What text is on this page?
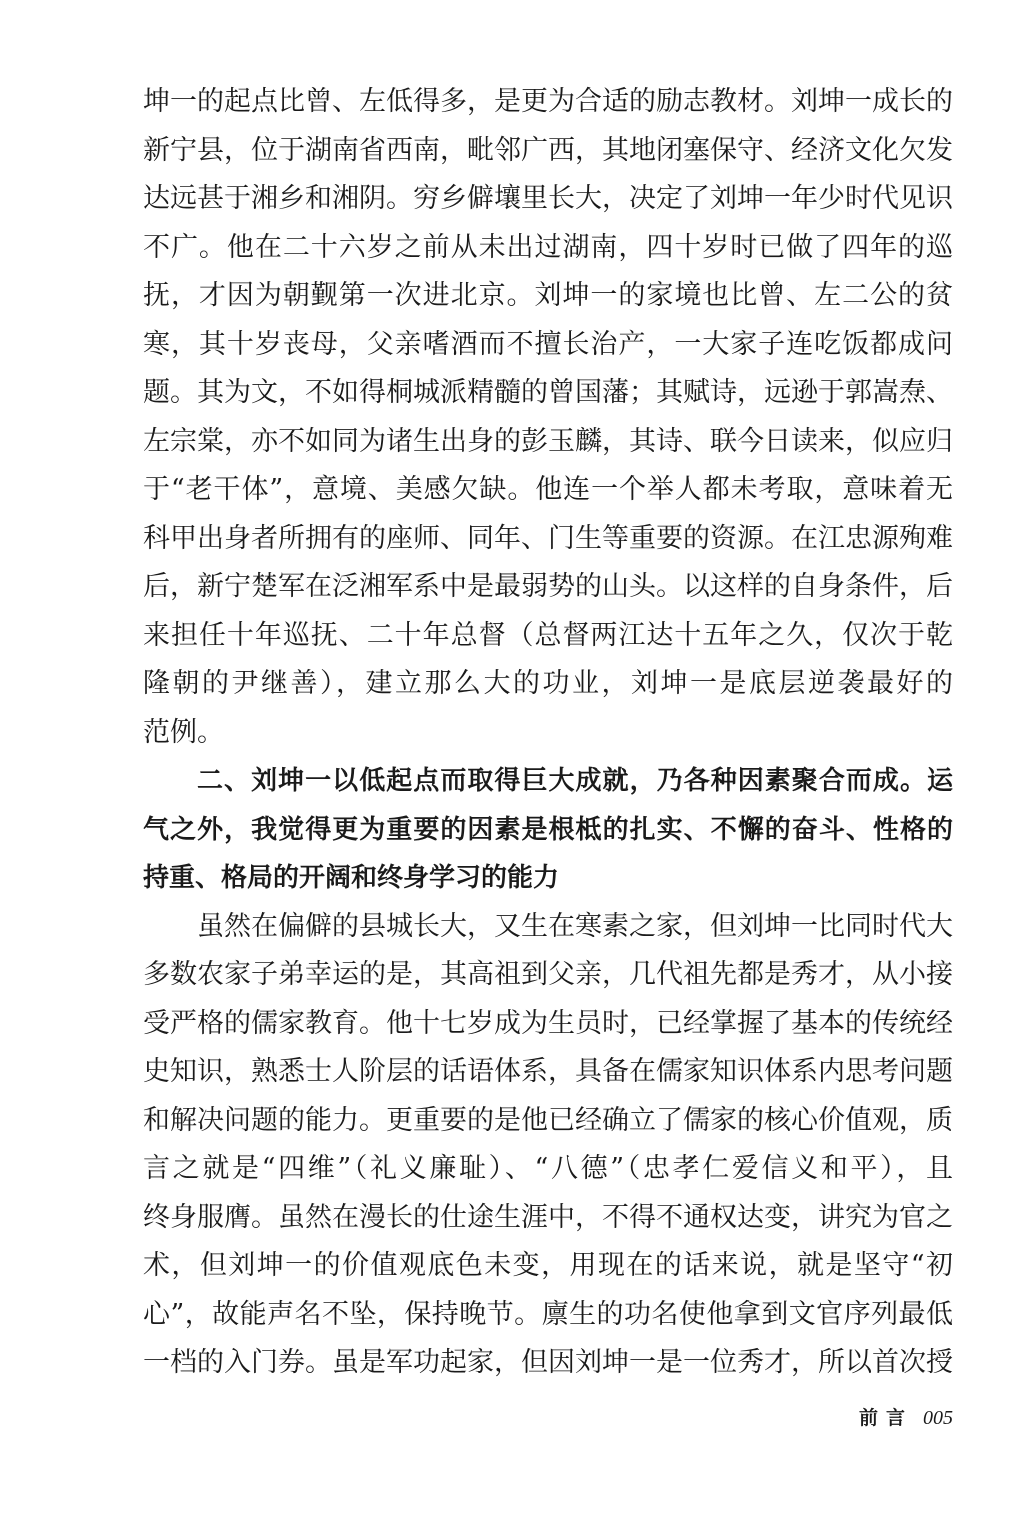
坤一的起点比曾、左低得多，是更为合适的励志教材。刘坤一成长的
新宁县，位于湖南省西南，毗邻广西，其地闭塞保守、经济文化欠发
达远甚于湘乡和湘阴。穷乡僻壤里长大，决定了刘坤一年少时代见识
不广。他在二十六岁之前从未出过湖南，四十岁时已做了四年的巡
抚，才因为朝觐第一次进北京。刘坤一的家境也比曾、左二公的贫
寒，其十岁丧母，父亲嗜酒而不擅长治产，一大家子连吃饭都成问
题。其为文，不如得桐城派精髓的曾国藩；其赋诗，远逊于郭嵩焘、
左宗棠，亦不如同为诸生出身的彭玉麟，其诗、联今日读来，似应归
于“老干体”，意境、美感欠缺。他连一个举人都未考取，意味着无
科甲出身者所拥有的座师、同年、门生等重要的资源。在江忠源殉难
后，新宁楚军在泛湘军系中是最弱势的山头。以这样的自身条件，后
来担任十年巡抚、二十年总督（总督两江达十五年之久，仅次于乾
隆朝的尹继善），建立那么大的功业，刘坤一是底层逆袭最好的
范例。
二、刘坤一以低起点而取得巨大成就，乃各种因素聚合而成。运
气之外，我觉得更为重要的因素是根柢的扎实、不懈的奋斗、性格的
持重、格局的开阔和终身学习的能力
虽然在偏僻的县城长大，又生在寒素之家，但刘坤一比同时代大
多数农家子弟幸运的是，其高祖到父亲，几代祖先都是秀才，从小接
受严格的儒家教育。他十七岁成为生员时，已经掌握了基本的传统经
史知识，熟悉士人阶层的话语体系，具备在儒家知识体系内思考问题
和解决问题的能力。更重要的是他已经确立了儒家的核心价值观，质
言之就是“四维”（礼义廉耻）、“八德”（忠孝仁爱信义和平），且
终身服膺。虽然在漫长的仕途生涯中，不得不通权达变，讲究为官之
术，但刘坤一的价值观底色未变，用现在的话来说，就是坚守“初
心”，故能声名不坠，保持晚节。廪生的功名使他拿到文官序列最低
一档的入门券。虽是军功起家，但因刘坤一是一位秀才，所以首次授
前言 005
